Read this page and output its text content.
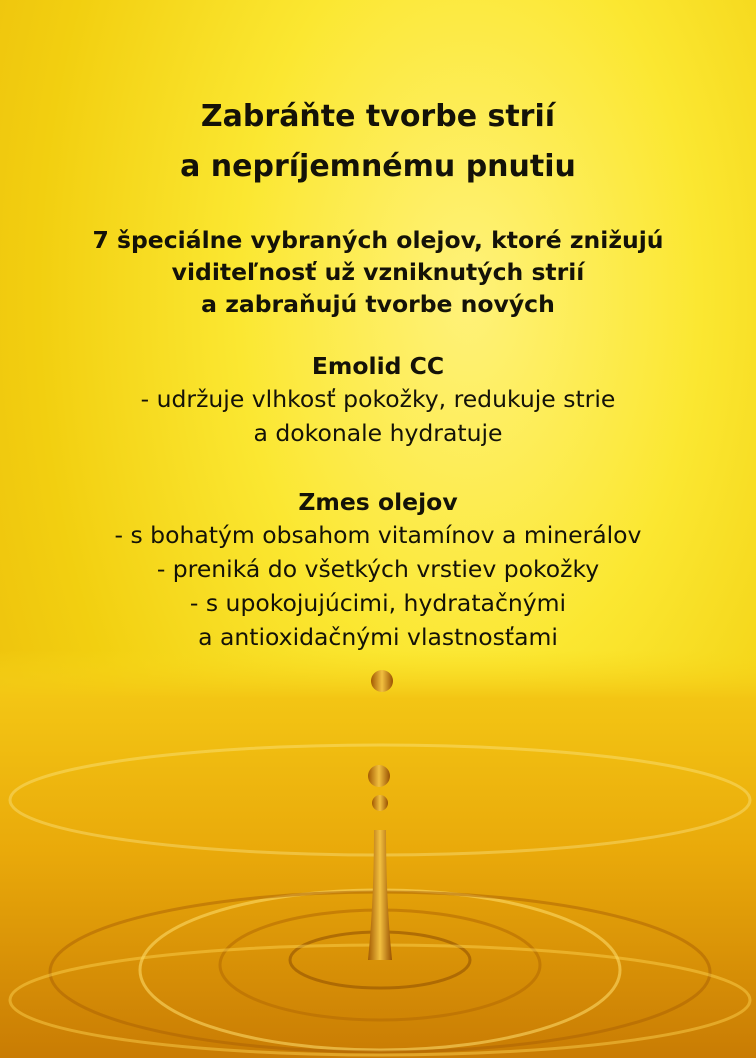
Zabráňte tvorbe strií
a nepríjemnému pnutiu
7 špeciálne vybraných olejov, ktoré znižujú
viditeľnosť už vzniknutých strií
a zabraňujú tvorbe nových
Emolid CC
- udržuje vlhkosť pokožky, redukuje strie
a dokonale hydratuje
Zmes olejov
- s bohatým obsahom vitamínov a minerálov
- preniká do všetkých vrstiev pokožky
- s upokojujúcimi, hydratačnými
a antioxidačnými vlastnosťami
